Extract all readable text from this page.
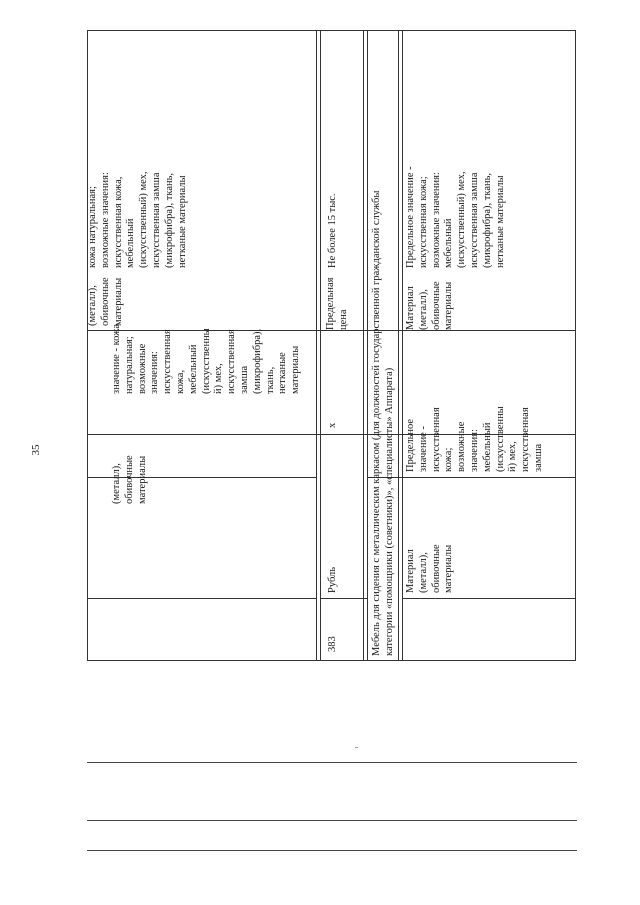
35
(металл),
обивочные
материалы
значение - кожа
натуральная;
возможные
значения:
искусственная
кожа,
мебельный
(искусственны
й) мех,
искусственная
замша
(микрофибра),
ткань,
нетканые
материалы
(металл),
обивочные
материалы
кожа натуральная;
возможные значения:
искусственная кожа,
мебельный
(искусственный) мех,
искусственная замша
(микрофибра), ткань,
нетканые материалы
383
Рубль
x
Предельная
цена
Не более 15 тыс.
Мебель для сидения с металлическим каркасом (для должностей государственной гражданской службы
категории «помощники (советники)», «специалисты» Аппарата)
Материал
(металл),
обивочные
материалы
Предельное
значение -
искусственная
кожа;
возможные
значения:
мебельный
(искусственны
й) мех,
искусственная
замша
Материал
(металл),
обивочные
материалы
Предельное значение -
искусственная кожа;
возможные значения:
мебельный
(искусственный) мех,
искусственная замша
(микрофибра), ткань,
нетканые материалы
